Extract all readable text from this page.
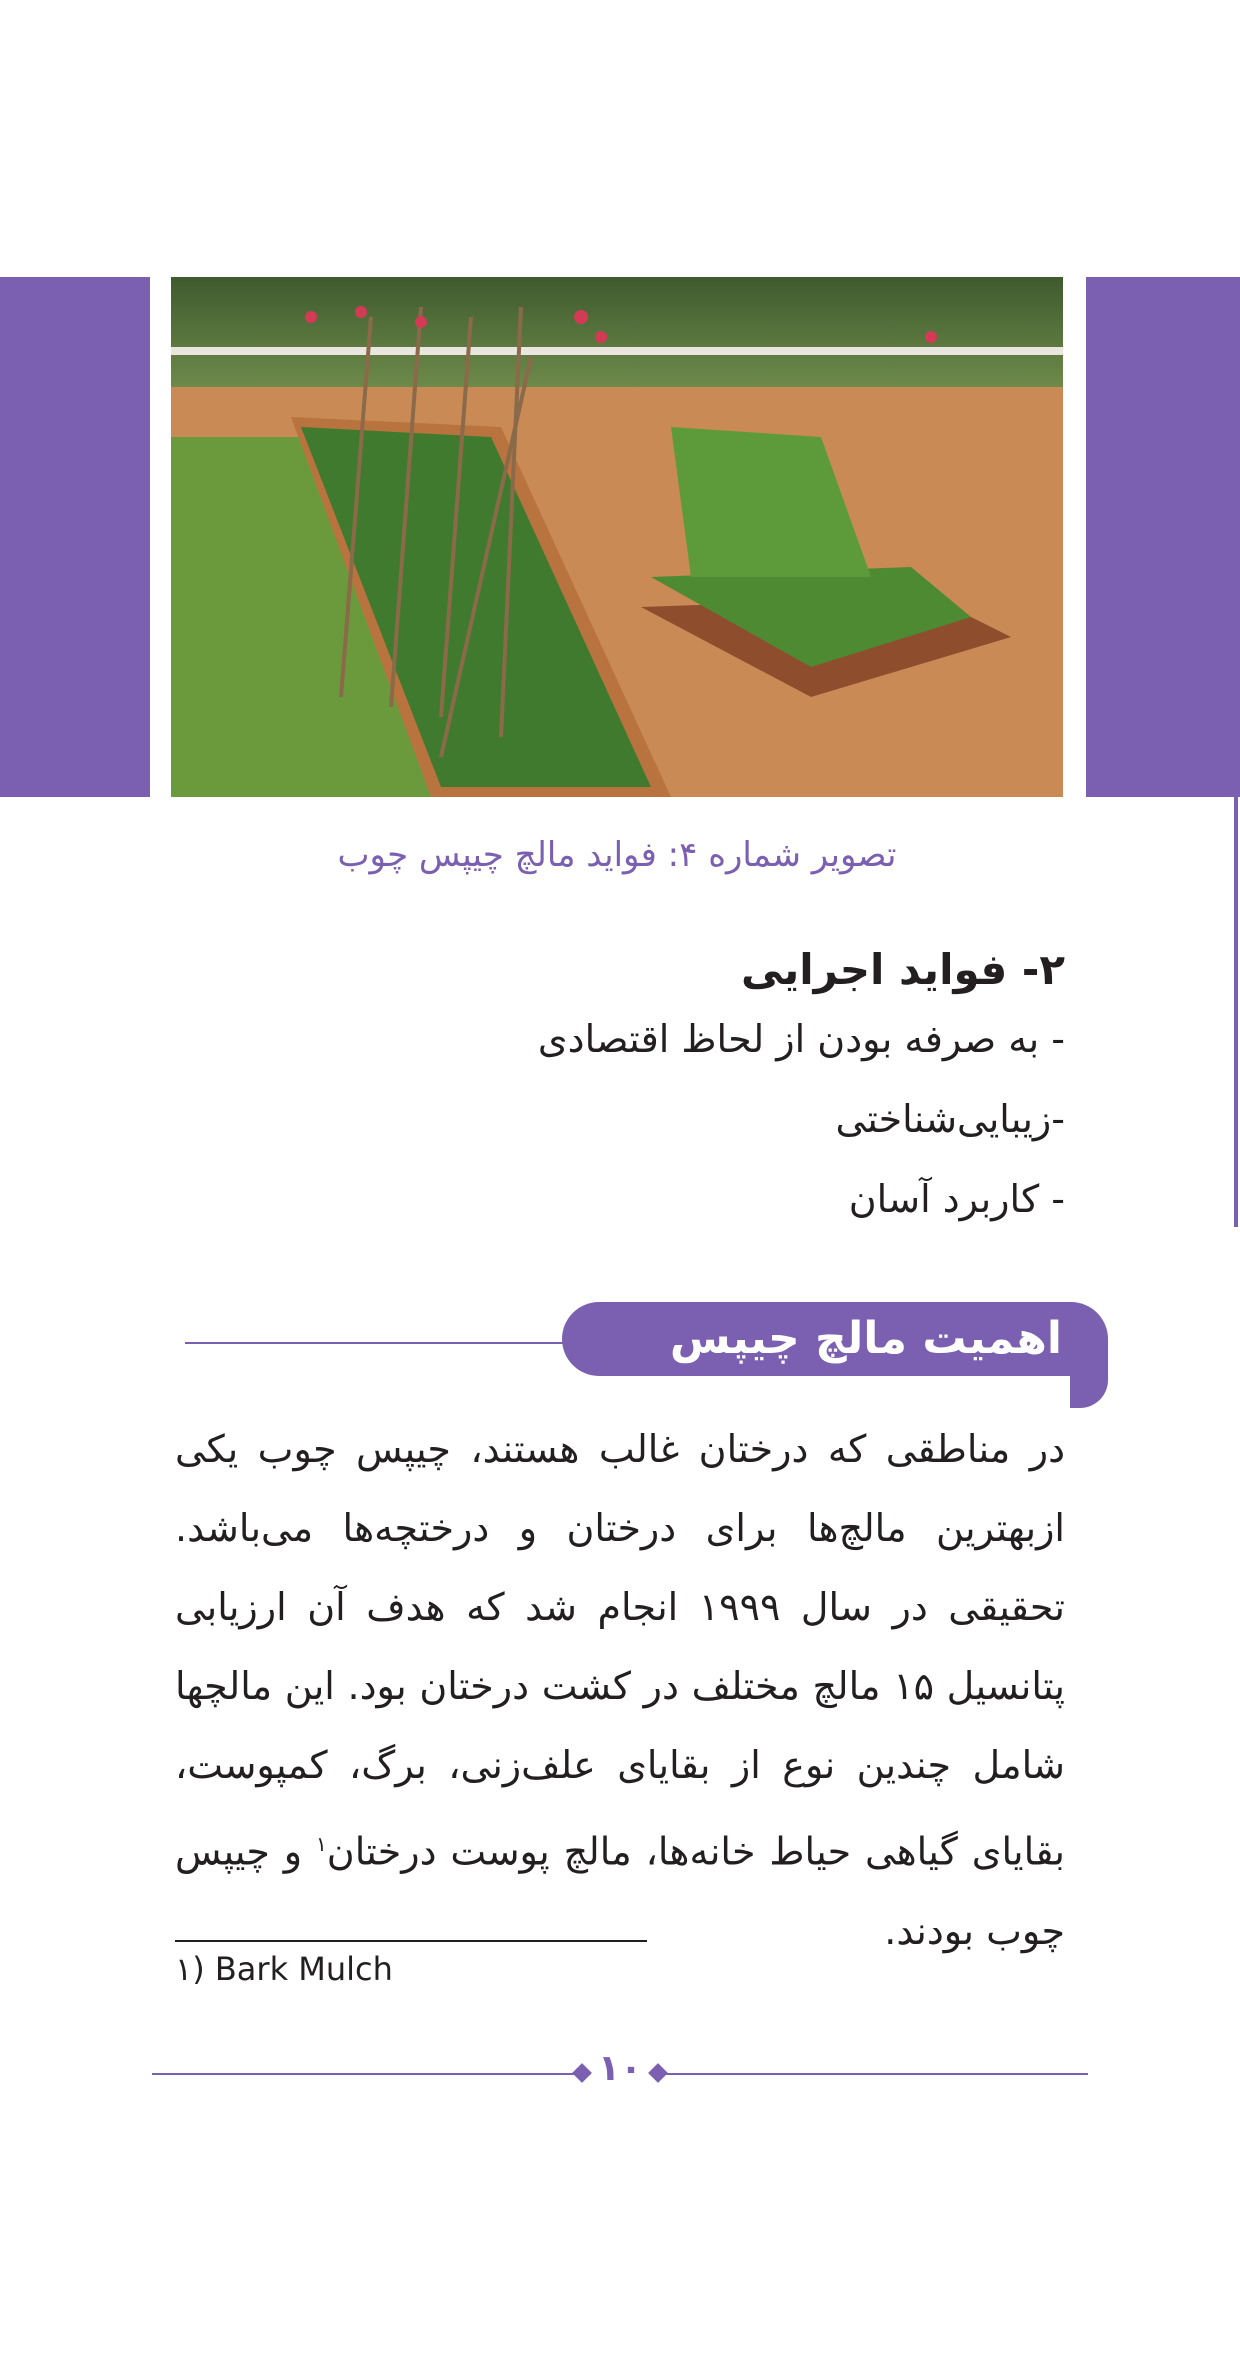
تصویر شماره ۴: فواید مالچ چیپس چوب
۲- فواید اجرایی
- به صرفه بودن از لحاظ اقتصادی
-زیبایی‌شناختی
- کاربرد آسان
اهمیت مالچ چیپس چوب:
در مناطقی که درختان غالب هستند، چیپس چوب یکی ازبهترین مالچ‌ها برای درختان و درختچه‌ها می‌باشد. تحقیقی در سال ۱۹۹۹ انجام شد که هدف آن ارزیابی پتانسیل ۱۵ مالچ مختلف در کشت درختان بود. این مالچها شامل چندین نوع از بقایای علف‌زنی، برگ، کمپوست، بقایای گیاهی حیاط خانه‌ها، مالچ پوست درختان$^۱$ و چیپس چوب بودند.
۱) Bark Mulch
۱۰
